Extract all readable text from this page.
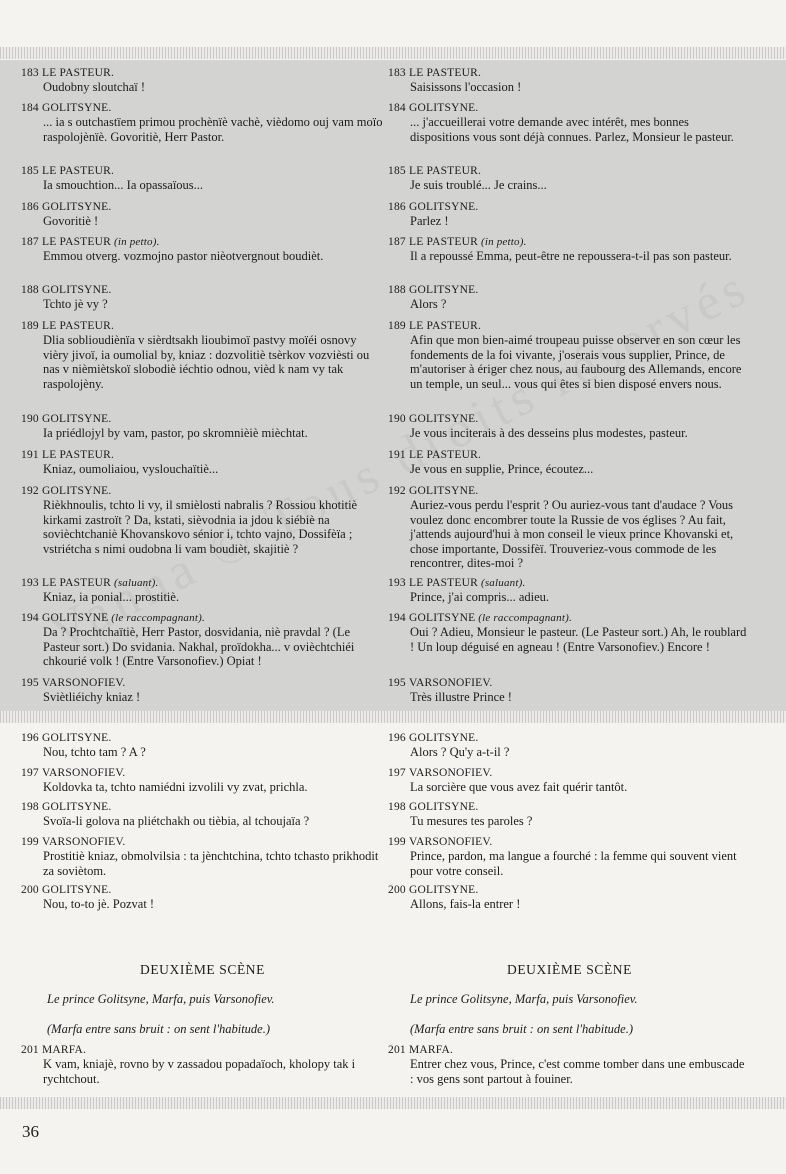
183 LE PASTEUR.
Oudobny sloutchaï !
184 GOLITSYNE.
... ia s outchastïem primou prochènïè vachè, vièdomo ouj vam moïo raspolojènïè. Govoritiè, Herr Pastor.
185 LE PASTEUR.
Ia smouchtion... Ia opassaïous...
186 GOLITSYNE.
Govoritiè !
187 LE PASTEUR (in petto).
Emmou otverg. vozmojno pastor nièotvergnout boudièt.
188 GOLITSYNE.
Tchto jè vy ?
189 LE PASTEUR.
Dlia soblioudiènïa v sièrdtsakh lioubimoï pastvy moïéi osnovy vièry jivoï, ia oumolial by, kniaz : dozvolitiè tsèrkov vozvièsti ou nas v nièmiètskoï slobodiè iéchtio odnou, vièd k nam vy tak raspolojèny.
190 GOLITSYNE.
Ia priédlojyl by vam, pastor, po skromnièiè mièchtat.
191 LE PASTEUR.
Kniaz, oumoliaiou, vyslouchaïtiè...
192 GOLITSYNE.
Rièkhnoulis, tchto li vy, il smièlosti nabralis ? Rossiou khotitiè kirkami zastroït ? Da, kstati, sièvodnia ia jdou k siébiè na sovièchtchaniè Khovanskovo sénior i, tchto vajno, Dossifèïa ; vstriétcha s nimi oudobna li vam boudièt, skajitiè ?
193 LE PASTEUR (saluant).
Kniaz, ia ponial... prostitiè.
194 GOLITSYNE (le raccompagnant).
Da ? Prochtchaïtiè, Herr Pastor, dosvidania, niè pravdal ? (Le Pasteur sort.) Do svidania. Nakhal, proïdokha... v ovièchtchiéi chkourié volk ! (Entre Varsonofiev.) Opiat !
195 VARSONOFIEV.
Sviètliéichy kniaz !
196 GOLITSYNE.
Nou, tchto tam ? A ?
197 VARSONOFIEV.
Koldovka ta, tchto namiédni izvolili vy zvat, prichla.
198 GOLITSYNE.
Svoïa-li golova na pliétchakh ou tièbia, al tchoujaïa ?
199 VARSONOFIEV.
Prostitiè kniaz, obmolvilsia : ta jènchtchina, tchto tchasto prikhodit za soviètom.
200 GOLITSYNE.
Nou, to-to jè. Pozvat !
201 MARFA.
K vam, kniajè, rovno by v zassadou popadaïoch, kholopy tak i rychtchout.
183 LE PASTEUR.
Saisissons l'occasion !
184 GOLITSYNE.
... j'accueillerai votre demande avec intérêt, mes bonnes dispositions vous sont déjà connues. Parlez, Monsieur le pasteur.
185 LE PASTEUR.
Je suis troublé... Je crains...
186 GOLITSYNE.
Parlez !
187 LE PASTEUR (in petto).
Il a repoussé Emma, peut-être ne repoussera-t-il pas son pasteur.
188 GOLITSYNE.
Alors ?
189 LE PASTEUR.
Afin que mon bien-aimé troupeau puisse observer en son cœur les fondements de la foi vivante, j'oserais vous supplier, Prince, de m'autoriser à ériger chez nous, au faubourg des Allemands, encore un temple, un seul... vous qui êtes si bien disposé envers nous.
190 GOLITSYNE.
Je vous inciterais à des desseins plus modestes, pasteur.
191 LE PASTEUR.
Je vous en supplie, Prince, écoutez...
192 GOLITSYNE.
Auriez-vous perdu l'esprit ? Ou auriez-vous tant d'audace ? Vous voulez donc encombrer toute la Russie de vos églises ? Au fait, j'attends aujourd'hui à mon conseil le vieux prince Khovanski et, chose importante, Dossifèï. Trouveriez-vous commode de les rencontrer, dites-moi ?
193 LE PASTEUR (saluant).
Prince, j'ai compris... adieu.
194 GOLITSYNE (le raccompagnant).
Oui ? Adieu, Monsieur le pasteur. (Le Pasteur sort.) Ah, le roublard ! Un loup déguisé en agneau ! (Entre Varsonofiev.) Encore !
195 VARSONOFIEV.
Très illustre Prince !
196 GOLITSYNE.
Alors ? Qu'y a-t-il ?
197 VARSONOFIEV.
La sorcière que vous avez fait quérir tantôt.
198 GOLITSYNE.
Tu mesures tes paroles ?
199 VARSONOFIEV.
Prince, pardon, ma langue a fourché : la femme qui souvent vient pour votre conseil.
200 GOLITSYNE.
Allons, fais-la entrer !
201 MARFA.
Entrer chez vous, Prince, c'est comme tomber dans une embuscade : vos gens sont partout à fouiner.
DEUXIÈME SCÈNE
Le prince Golitsyne, Marfa, puis Varsonofiev.
(Marfa entre sans bruit : on sent l'habitude.)
DEUXIÈME SCÈNE
Le prince Golitsyne, Marfa, puis Varsonofiev.
(Marfa entre sans bruit : on sent l'habitude.)
36
